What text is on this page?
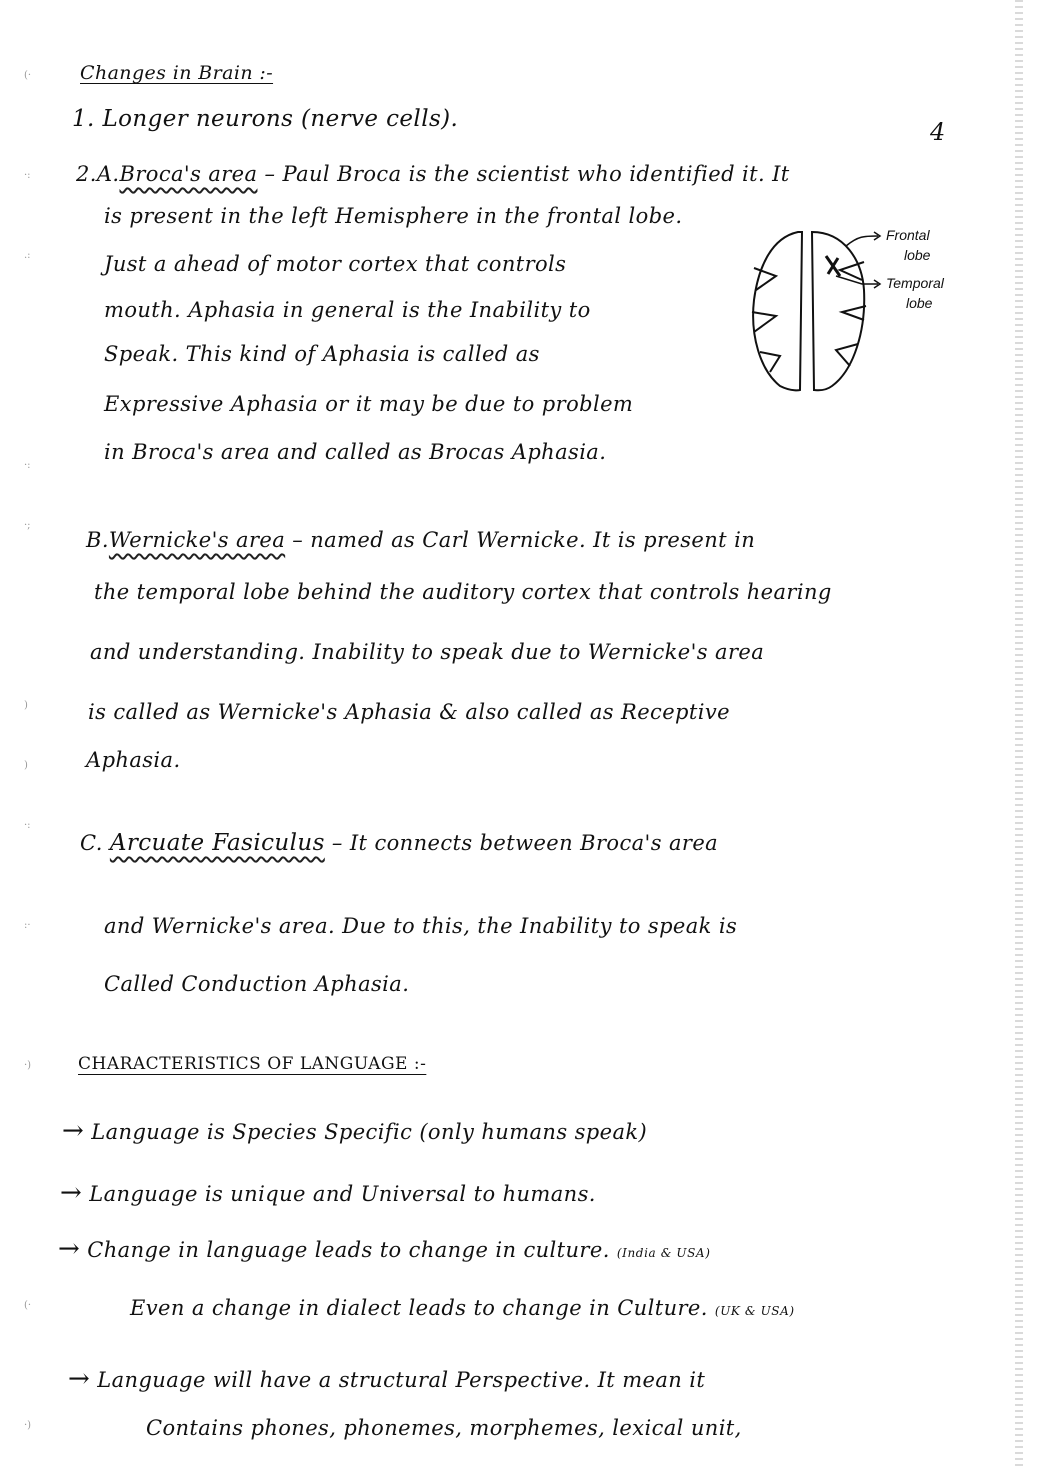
(·
·:
.:
·:
·;
)
)
·:
:·
·)
(·
·)
Changes in Brain :-
1. Longer neurons (nerve cells).	4
2.A.Broca's area – Paul Broca is the scientist who identified it. It
is present in the left Hemisphere in the frontal lobe.
Just a ahead of motor cortex that controls
mouth. Aphasia in general is the Inability to
Speak. This kind of Aphasia is called as
Expressive Aphasia or it may be due to problem
in Broca's area and called as Brocas Aphasia.
Frontal
lobe
Temporal
lobe
B.Wernicke's area – named as Carl Wernicke. It is present in
the temporal lobe behind the auditory cortex that controls hearing
and understanding. Inability to speak due to Wernicke's area
is called as Wernicke's Aphasia & also called as Receptive
Aphasia.
C. Arcuate Fasiculus – It connects between Broca's area
and Wernicke's area. Due to this, the Inability to speak is
Called Conduction Aphasia.
CHARACTERISTICS OF LANGUAGE :-
→ Language is Species Specific (only humans speak)
→ Language is unique and Universal to humans.
→ Change in language leads to change in culture. (India & USA)
Even a change in dialect leads to change in Culture. (UK & USA)
→ Language will have a structural Perspective. It mean it
Contains phones, phonemes, morphemes, lexical unit,
